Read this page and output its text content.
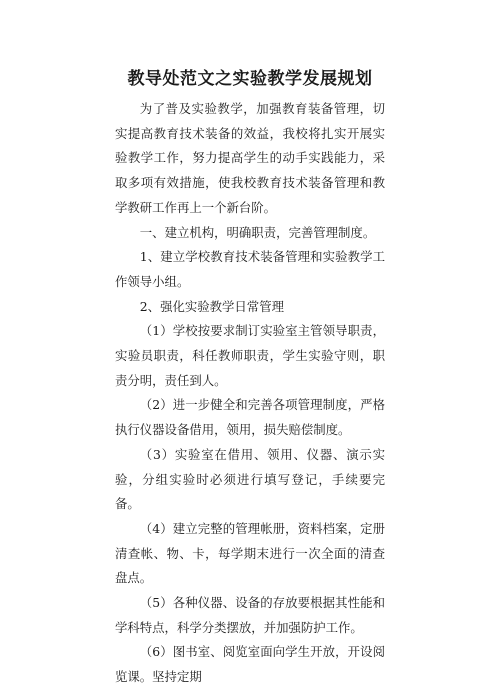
教导处范文之实验教学发展规划

为了普及实验教学，加强教育装备管理，切实提高教育技术装备的效益，我校将扎实开展实验教学工作，努力提高学生的动手实践能力，采取多项有效措施，使我校教育技术装备管理和教学教研工作再上一个新台阶。

一、建立机构，明确职责，完善管理制度。

1、建立学校教育技术装备管理和实验教学工作领导小组。

2、强化实验教学日常管理

（1）学校按要求制订实验室主管领导职责，实验员职责，科任教师职责，学生实验守则，职责分明，责任到人。

（2）进一步健全和完善各项管理制度，严格执行仪器设备借用，领用，损失赔偿制度。

（3）实验室在借用、领用、仪器、演示实验，分组实验时必须进行填写登记，手续要完备。

（4）建立完整的管理帐册，资料档案，定册清查帐、物、卡，每学期末进行一次全面的清查盘点。

（5）各种仪器、设备的存放要根据其性能和学科特点，科学分类摆放，并加强防护工作。

（6）图书室、阅览室面向学生开放，开设阅览课。坚持定期
